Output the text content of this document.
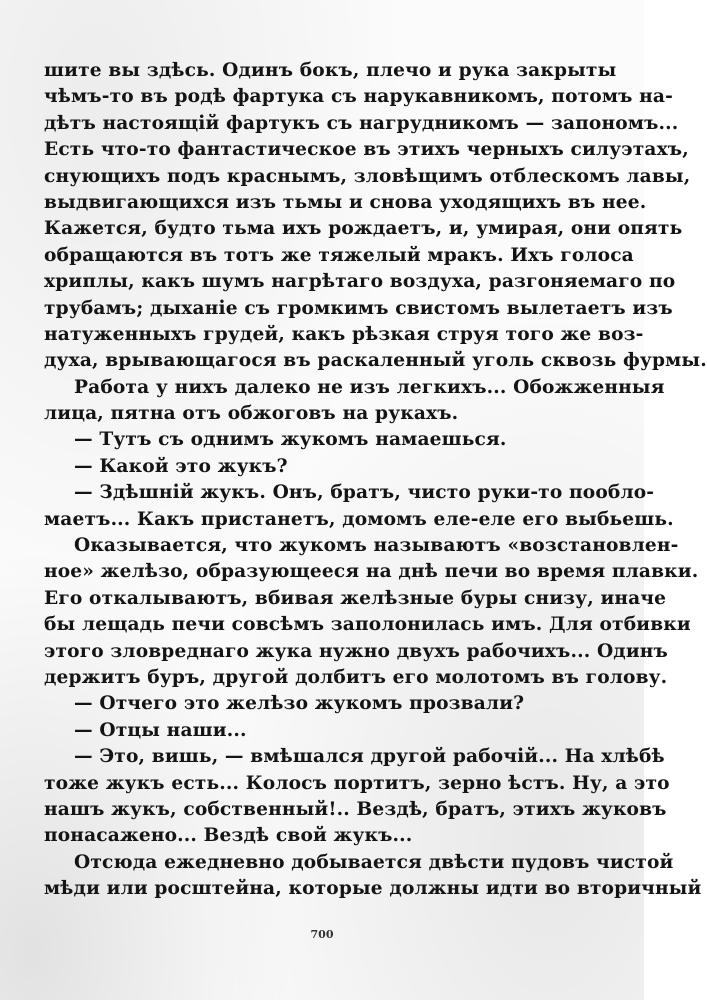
шите вы здѣсь. Одинъ бокъ, плечо и рука закрыты
чѣмъ-то въ родѣ фартука съ нарукавникомъ, потомъ на-
дѣтъ настоящій фартукъ съ нагрудникомъ — запономъ...
Есть что-то фантастическое въ этихъ черныхъ силуэтахъ,
снующихъ подъ краснымъ, зловѣщимъ отблескомъ лавы,
выдвигающихся изъ тьмы и снова уходящихъ въ нее.
Кажется, будто тьма ихъ рождаетъ, и, умирая, они опять
обращаются въ тотъ же тяжелый мракъ. Ихъ голоса
хриплы, какъ шумъ нагрѣтаго воздуха, разгоняемаго по
трубамъ; дыханіе съ громкимъ свистомъ вылетаетъ изъ
натуженныхъ грудей, какъ рѣзкая струя того же воз-
духа, врывающагося въ раскаленный уголь сквозь фурмы.
Работа у нихъ далеко не изъ легкихъ... Обожженныя
лица, пятна отъ обжоговъ на рукахъ.
— Тутъ съ однимъ жукомъ намаешься.
— Какой это жукъ?
— Здѣшній жукъ. Онъ, братъ, чисто руки-то пообло-
маетъ... Какъ пристанетъ, домомъ еле-еле его выбьешь.
Оказывается, что жукомъ называютъ «возстановлен-
ное» желѣзо, образующееся на днѣ печи во время плавки.
Его откалываютъ, вбивая желѣзные буры снизу, иначе
бы лещадь печи совсѣмъ заполонилась имъ. Для отбивки
этого зловреднаго жука нужно двухъ рабочихъ... Одинъ
держитъ буръ, другой долбитъ его молотомъ въ голову.
— Отчего это желѣзо жукомъ прозвали?
— Отцы наши...
— Это, вишь, — вмѣшался другой рабочій... На хлѣбѣ
тоже жукъ есть... Колосъ портитъ, зерно ѣстъ. Ну, а это
нашъ жукъ, собственный!.. Вездѣ, братъ, этихъ жуковъ
понасажено... Вездѣ свой жукъ...
Отсюда ежедневно добывается двѣсти пудовъ чистой
мѣди или росштейна, которые должны идти во вторичный
700
